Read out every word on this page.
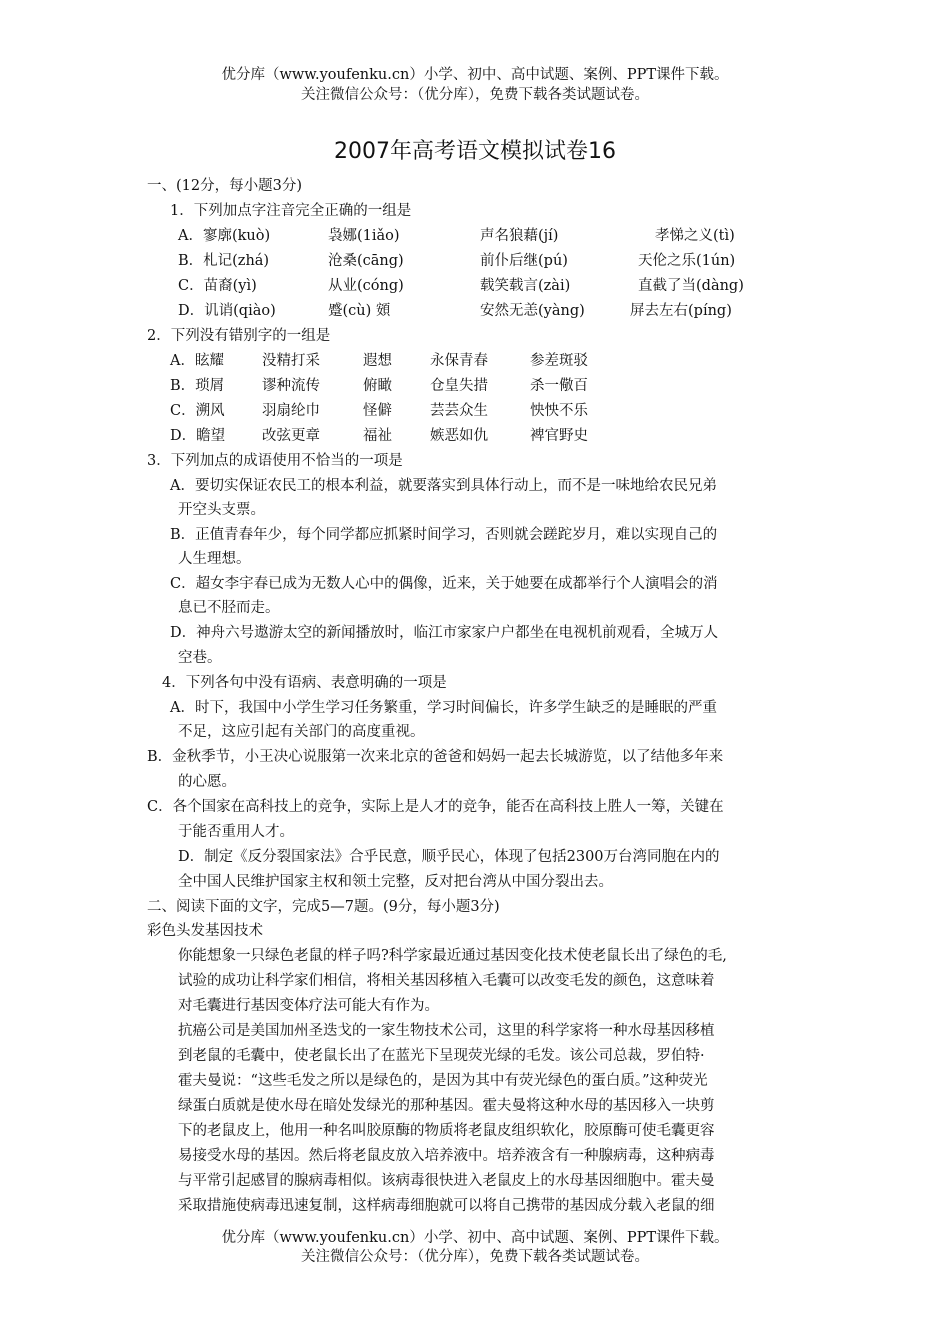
优分库（www.youfenku.cn）小学、初中、高中试题、案例、PPT课件下载。
关注微信公众号：（优分库），免费下载各类试题试卷。
2007年高考语文模拟试卷16
一、(12分，每小题3分)
1．下列加点字注音完全正确的一组是
A．寥廓(kuò)	袅娜(1iǎo)	声名狼藉(jí)	孝悌之义(tì)
B．札记(zhá)	沧桑(cāng)	前仆后继(pú)	天伦之乐(1ún)
C．苗裔(yì)	从业(cóng)	载笑载言(zài)	直截了当(dàng)
D．讥诮(qiào)	蹙(cù) 頞	安然无恙(yàng)	屏去左右(píng)
2．下列没有错别字的一组是
A．眩耀	没精打采	遐想	永保青春	参差斑驳
B．琐屑	谬种流传	俯瞰	仓皇失措	杀一儆百
C．溯风	羽扇纶巾	怪僻	芸芸众生	怏怏不乐
D．瞻望	改弦更章	福祉	嫉恶如仇	裨官野史
3．下列加点的成语使用不恰当的一项是
A．要切实保证农民工的根本利益，就要落实到具体行动上，而不是一味地给农民兄弟
开空头支票。
B．正值青春年少，每个同学都应抓紧时间学习，否则就会蹉跎岁月，难以实现自己的
人生理想。
C．超女李宇春已成为无数人心中的偶像，近来，关于她要在成都举行个人演唱会的消
息已不胫而走。
D．神舟六号遨游太空的新闻播放时，临江市家家户户都坐在电视机前观看，全城万人
空巷。
4．下列各句中没有语病、表意明确的一项是
A．时下，我国中小学生学习任务繁重，学习时间偏长，许多学生缺乏的是睡眠的严重
不足，这应引起有关部门的高度重视。
B．金秋季节，小王决心说服第一次来北京的爸爸和妈妈一起去长城游览，以了结他多年来
的心愿。
C．各个国家在高科技上的竞争，实际上是人才的竞争，能否在高科技上胜人一筹，关键在
于能否重用人才。
D．制定《反分裂国家法》合乎民意，顺乎民心，体现了包括2300万台湾同胞在内的
全中国人民维护国家主权和领土完整，反对把台湾从中国分裂出去。
二、阅读下面的文字，完成5—7题。(9分，每小题3分)
彩色头发基因技术
你能想象一只绿色老鼠的样子吗?科学家最近通过基因变化技术使老鼠长出了绿色的毛,
试验的成功让科学家们相信，将相关基因移植入毛囊可以改变毛发的颜色，这意味着
对毛囊进行基因变体疗法可能大有作为。
抗癌公司是美国加州圣迭戈的一家生物技术公司，这里的科学家将一种水母基因移植
到老鼠的毛囊中，使老鼠长出了在蓝光下呈现荧光绿的毛发。该公司总裁，罗伯特·
霍夫曼说：“这些毛发之所以是绿色的，是因为其中有荧光绿色的蛋白质。”这种荧光
绿蛋白质就是使水母在暗处发绿光的那种基因。霍夫曼将这种水母的基因移入一块剪
下的老鼠皮上，他用一种名叫胶原酶的物质将老鼠皮组织软化，胶原酶可使毛囊更容
易接受水母的基因。然后将老鼠皮放入培养液中。培养液含有一种腺病毒，这种病毒
与平常引起感冒的腺病毒相似。该病毒很快进入老鼠皮上的水母基因细胞中。霍夫曼
采取措施使病毒迅速复制，这样病毒细胞就可以将自己携带的基因成分载入老鼠的细
优分库（www.youfenku.cn）小学、初中、高中试题、案例、PPT课件下载。
关注微信公众号：（优分库），免费下载各类试题试卷。
